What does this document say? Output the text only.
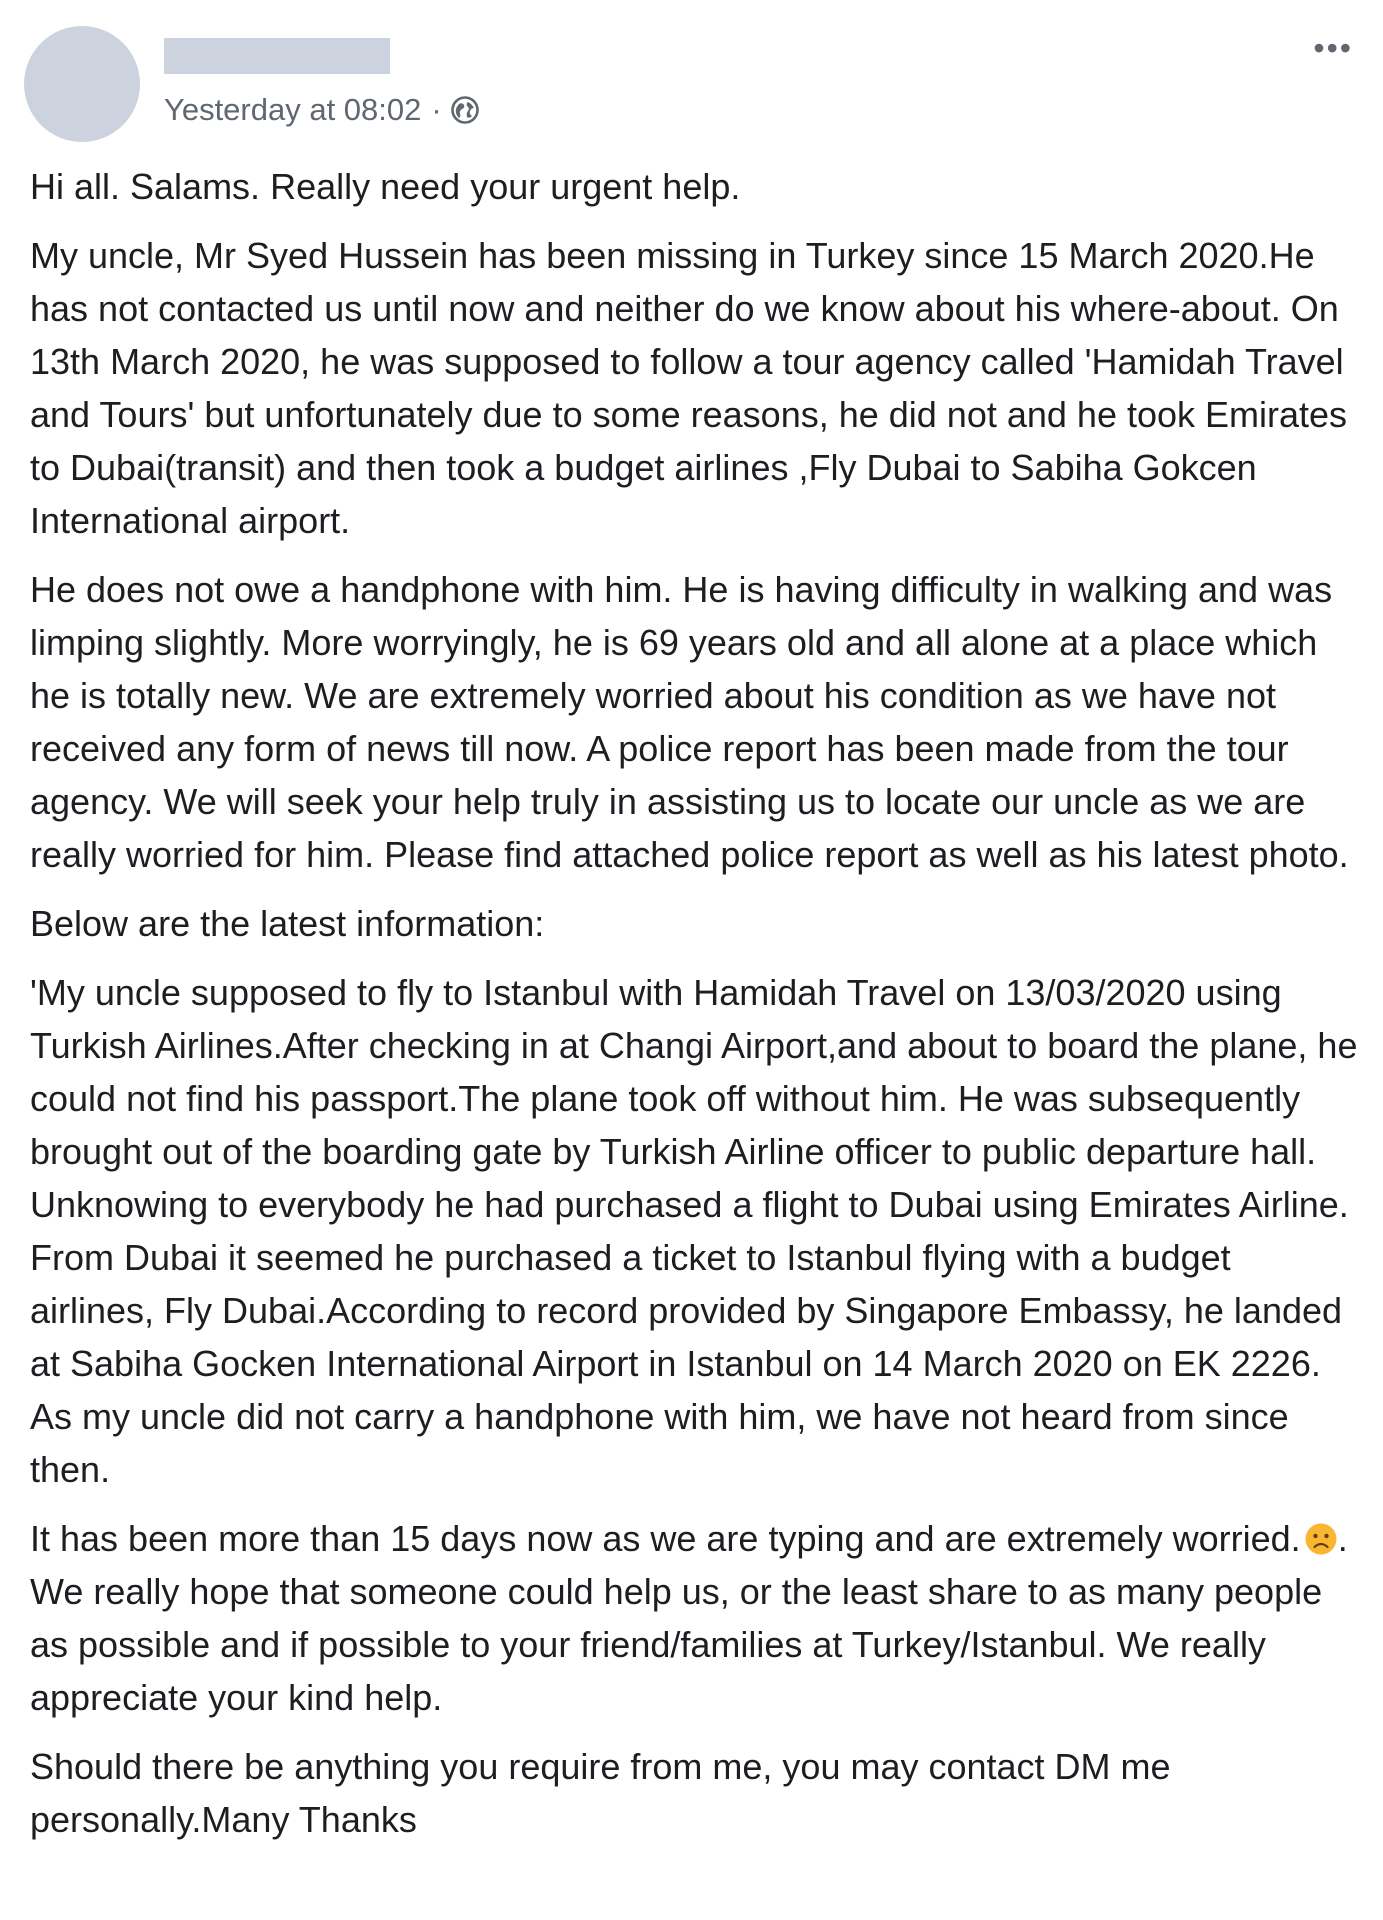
Yesterday at 08:02 ·
•••

Hi all. Salams. Really need your urgent help.

My uncle, Mr Syed Hussein has been missing in Turkey since 15 March 2020.He has not contacted us until now and neither do we know about his where-about. On 13th March 2020, he was supposed to follow a tour agency called 'Hamidah Travel and Tours' but unfortunately due to some reasons, he did not and he took Emirates to Dubai(transit) and then took a budget airlines ,Fly Dubai to Sabiha Gokcen International airport.

He does not owe a handphone with him. He is having difficulty in walking and was limping slightly. More worryingly, he is 69 years old and all alone at a place which he is totally new. We are extremely worried about his condition as we have not received any form of news till now. A police report has been made from the tour agency. We will seek your help truly in assisting us to locate our uncle as we are really worried for him. Please find attached police report as well as his latest photo.

Below are the latest information:

'My uncle supposed to fly to Istanbul with Hamidah Travel on 13/03/2020 using Turkish Airlines.After checking in at Changi Airport,and about to board the plane, he could not find his passport.The plane took off without him. He was subsequently brought out of the boarding gate by Turkish Airline officer to public departure hall. Unknowing to everybody he had purchased a flight to Dubai using Emirates Airline. From Dubai it seemed he purchased a ticket to Istanbul flying with a budget airlines, Fly Dubai.According to record provided by Singapore Embassy, he landed at Sabiha Gocken International Airport in Istanbul on 14 March 2020 on EK 2226. As my uncle did not carry a handphone with him, we have not heard from since then.

It has been more than 15 days now as we are typing and are extremely worried. . We really hope that someone could help us, or the least share to as many people as possible and if possible to your friend/families at Turkey/Istanbul. We really appreciate your kind help.

Should there be anything you require from me, you may contact DM me personally.Many Thanks
